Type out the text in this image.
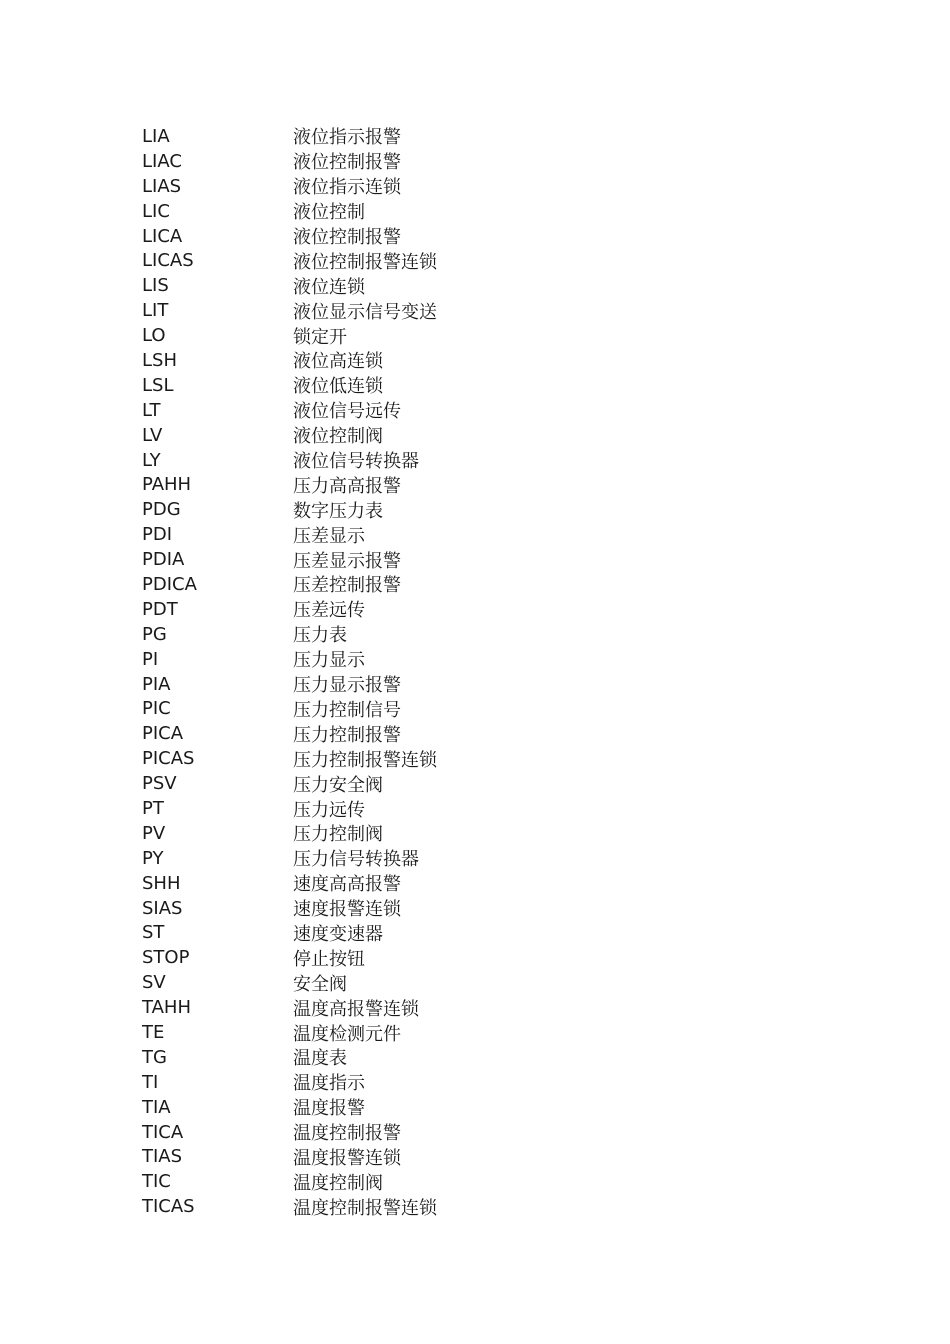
LIA	液位指示报警
LIAC	液位控制报警
LIAS	液位指示连锁
LIC	液位控制
LICA	液位控制报警
LICAS	液位控制报警连锁
LIS	液位连锁
LIT	液位显示信号变送
LO	锁定开
LSH	液位高连锁
LSL	液位低连锁
LT	液位信号远传
LV	液位控制阀
LY	液位信号转换器
PAHH	压力高高报警
PDG	数字压力表
PDI	压差显示
PDIA	压差显示报警
PDICA	压差控制报警
PDT	压差远传
PG	压力表
PI	压力显示
PIA	压力显示报警
PIC	压力控制信号
PICA	压力控制报警
PICAS	压力控制报警连锁
PSV	压力安全阀
PT	压力远传
PV	压力控制阀
PY	压力信号转换器
SHH	速度高高报警
SIAS	速度报警连锁
ST	速度变速器
STOP	停止按钮
SV	安全阀
TAHH	温度高报警连锁
TE	温度检测元件
TG	温度表
TI	温度指示
TIA	温度报警
TICA	温度控制报警
TIAS	温度报警连锁
TIC	温度控制阀
TICAS	温度控制报警连锁
